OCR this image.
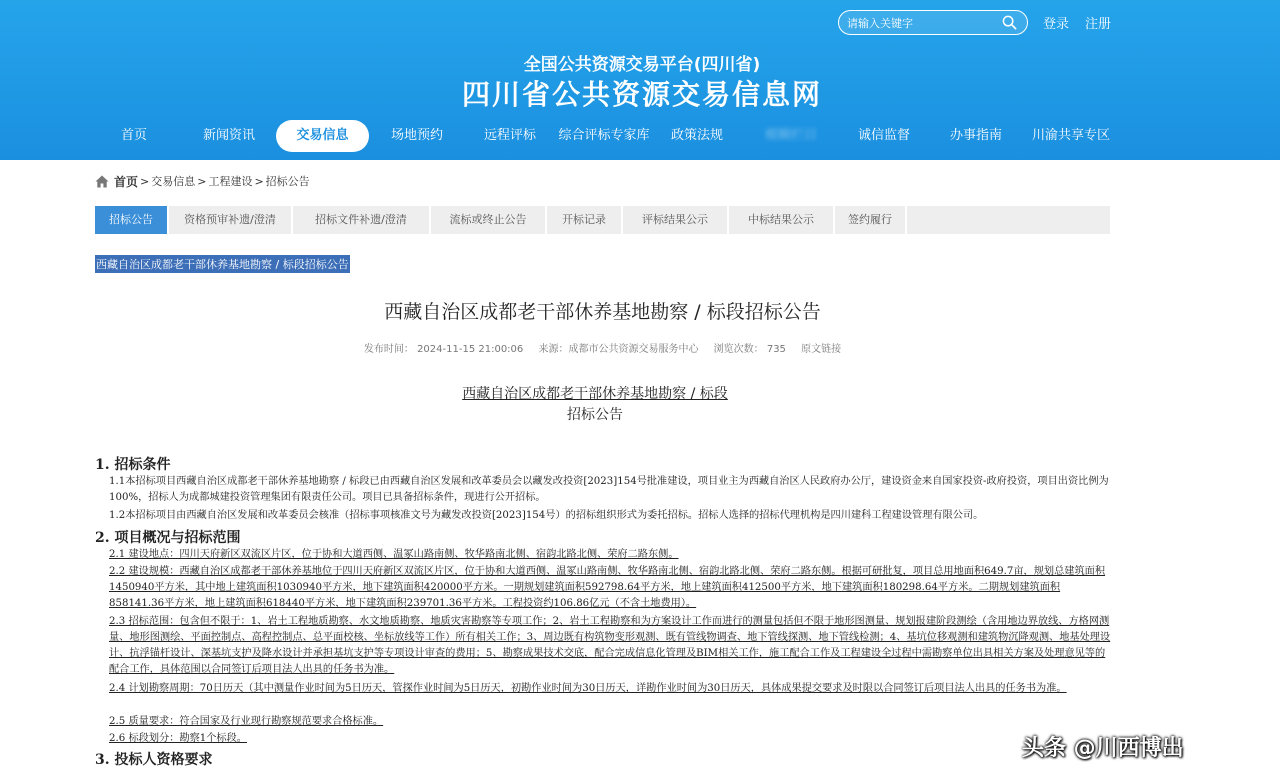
请输入关键字
登录 注册
全国公共资源交易平台(四川省)
四川省公共资源交易信息网
首页	新闻资讯	交易信息	场地预约	远程评标	综合评标专家库	政策法规	模糊栏目	诚信监督	办事指南	川渝共享专区
首页 > 交易信息 > 工程建设 > 招标公告
招标公告	资格预审补遗/澄清	招标文件补遗/澄清	流标或终止公告	开标记录	评标结果公示	中标结果公示	签约履行
西藏自治区成都老干部休养基地勘察 / 标段招标公告
西藏自治区成都老干部休养基地勘察 / 标段招标公告
发布时间： 2024-11-15 21:00:06 来源：成都市公共资源交易服务中心 浏览次数： 735 原文链接
西藏自治区成都老干部休养基地勘察 / 标段
招标公告
1. 招标条件
1.1本招标项目西藏自治区成都老干部休养基地勘察 / 标段已由西藏自治区发展和改革委员会以藏发改投资[2023]154号批准建设，项目业主为西藏自治区人民政府办公厅，建设资金来自国家投资-政府投资，项目出资比例为100%，招标人为成都城建投资管理集团有限责任公司。项目已具备招标条件，现进行公开招标。
1.2本招标项目由西藏自治区发展和改革委员会核准（招标事项核准文号为藏发改投资[2023]154号）的招标组织形式为委托招标。招标人选择的招标代理机构是四川建科工程建设管理有限公司。
2. 项目概况与招标范围
2.1 建设地点：四川天府新区双流区片区，位于协和大道西侧、温冢山路南侧、牧华路南北侧、宿韵北路北侧、荣府二路东侧。
2.2 建设规模：西藏自治区成都老干部休养基地位于四川天府新区双流区片区，位于协和大道西侧、温冢山路南侧、牧华路南北侧、宿韵北路北侧、荣府二路东侧。根据可研批复，项目总用地面积649.7亩，规划总建筑面积1450940平方米，其中地上建筑面积1030940平方米，地下建筑面积420000平方米。一期规划建筑面积592798.64平方米，地上建筑面积412500平方米，地下建筑面积180298.64平方米。二期规划建筑面积858141.36平方米，地上建筑面积618440平方米，地下建筑面积239701.36平方米。工程投资约106.86亿元（不含土地费用）。
2.3 招标范围：包含但不限于：1、岩土工程地质勘察、水文地质勘察、地质灾害勘察等专项工作；2、岩土工程勘察和为方案设计工作而进行的测量包括但不限于地形图测量、规划报建阶段测绘（含用地边界放线、方格网测量、地形图测绘、平面控制点、高程控制点、总平面校核、坐标放线等工作）所有相关工作；3、周边既有构筑物变形观测、既有管线物调查、地下管线探测、地下管线检测；4、基坑位移观测和建筑物沉降观测、地基处理设计、抗浮锚杆设计、深基坑支护及降水设计并承担基坑支护等专项设计审查的费用；5、勘察成果技术交底，配合完成信息化管理及BIM相关工作，施工配合工作及工程建设全过程中需勘察单位出具相关方案及处理意见等的配合工作，具体范围以合同签订后项目法人出具的任务书为准。
2.4 计划勘察周期：70日历天（其中测量作业时间为5日历天，管探作业时间为5日历天，初勘作业时间为30日历天，详勘作业时间为30日历天，具体成果提交要求及时限以合同签订后项目法人出具的任务书为准。
2.5 质量要求：符合国家及行业现行勘察规范要求合格标准。
2.6 标段划分：勘察1个标段。
3. 投标人资格要求	头条 @川西博出
